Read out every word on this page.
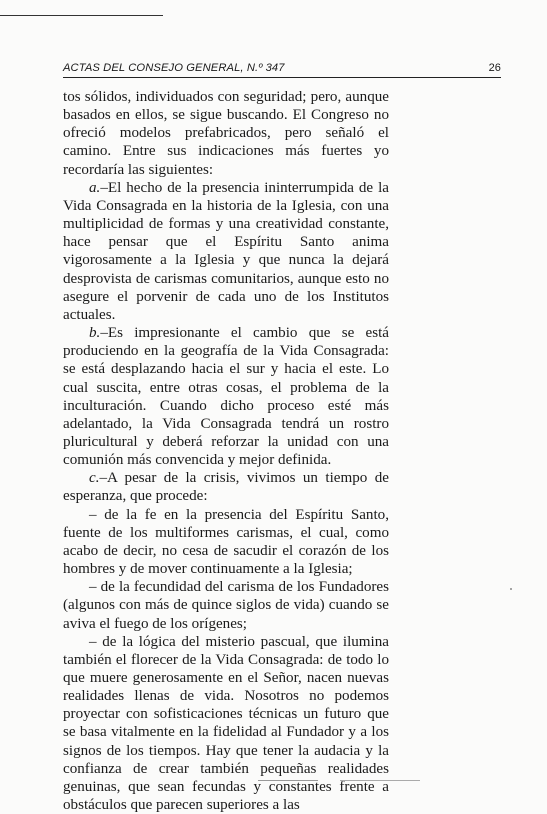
ACTAS DEL CONSEJO GENERAL, N.º 347	26

tos sólidos, individuados con seguridad; pero, aunque basados en ellos, se sigue buscando. El Congreso no ofreció modelos prefabricados, pero señaló el camino. Entre sus indicaciones más fuertes yo recordaría las siguientes:

a.–El hecho de la presencia ininterrumpida de la Vida Consagrada en la historia de la Iglesia, con una multiplicidad de formas y una creatividad constante, hace pensar que el Espíritu Santo anima vigorosamente a la Iglesia y que nunca la dejará desprovista de carismas comunitarios, aunque esto no asegure el porvenir de cada uno de los Institutos actuales.

b.–Es impresionante el cambio que se está produciendo en la geografía de la Vida Consagrada: se está desplazando hacia el sur y hacia el este. Lo cual suscita, entre otras cosas, el problema de la inculturación. Cuando dicho proceso esté más adelantado, la Vida Consagrada tendrá un rostro pluricultural y deberá reforzar la unidad con una comunión más convencida y mejor definida.

c.–A pesar de la crisis, vivimos un tiempo de esperanza, que procede:

– de la fe en la presencia del Espíritu Santo, fuente de los multiformes carismas, el cual, como acabo de decir, no cesa de sacudir el corazón de los hombres y de mover continuamente a la Iglesia;

– de la fecundidad del carisma de los Fundadores (algunos con más de quince siglos de vida) cuando se aviva el fuego de los orígenes;

– de la lógica del misterio pascual, que ilumina también el florecer de la Vida Consagrada: de todo lo que muere generosamente en el Señor, nacen nuevas realidades llenas de vida. Nosotros no podemos proyectar con sofisticaciones técnicas un futuro que se basa vitalmente en la fidelidad al Fundador y a los signos de los tiempos. Hay que tener la audacia y la confianza de crear también pequeñas realidades genuinas, que sean fecundas y constantes frente a obstáculos que parecen superiores a las
